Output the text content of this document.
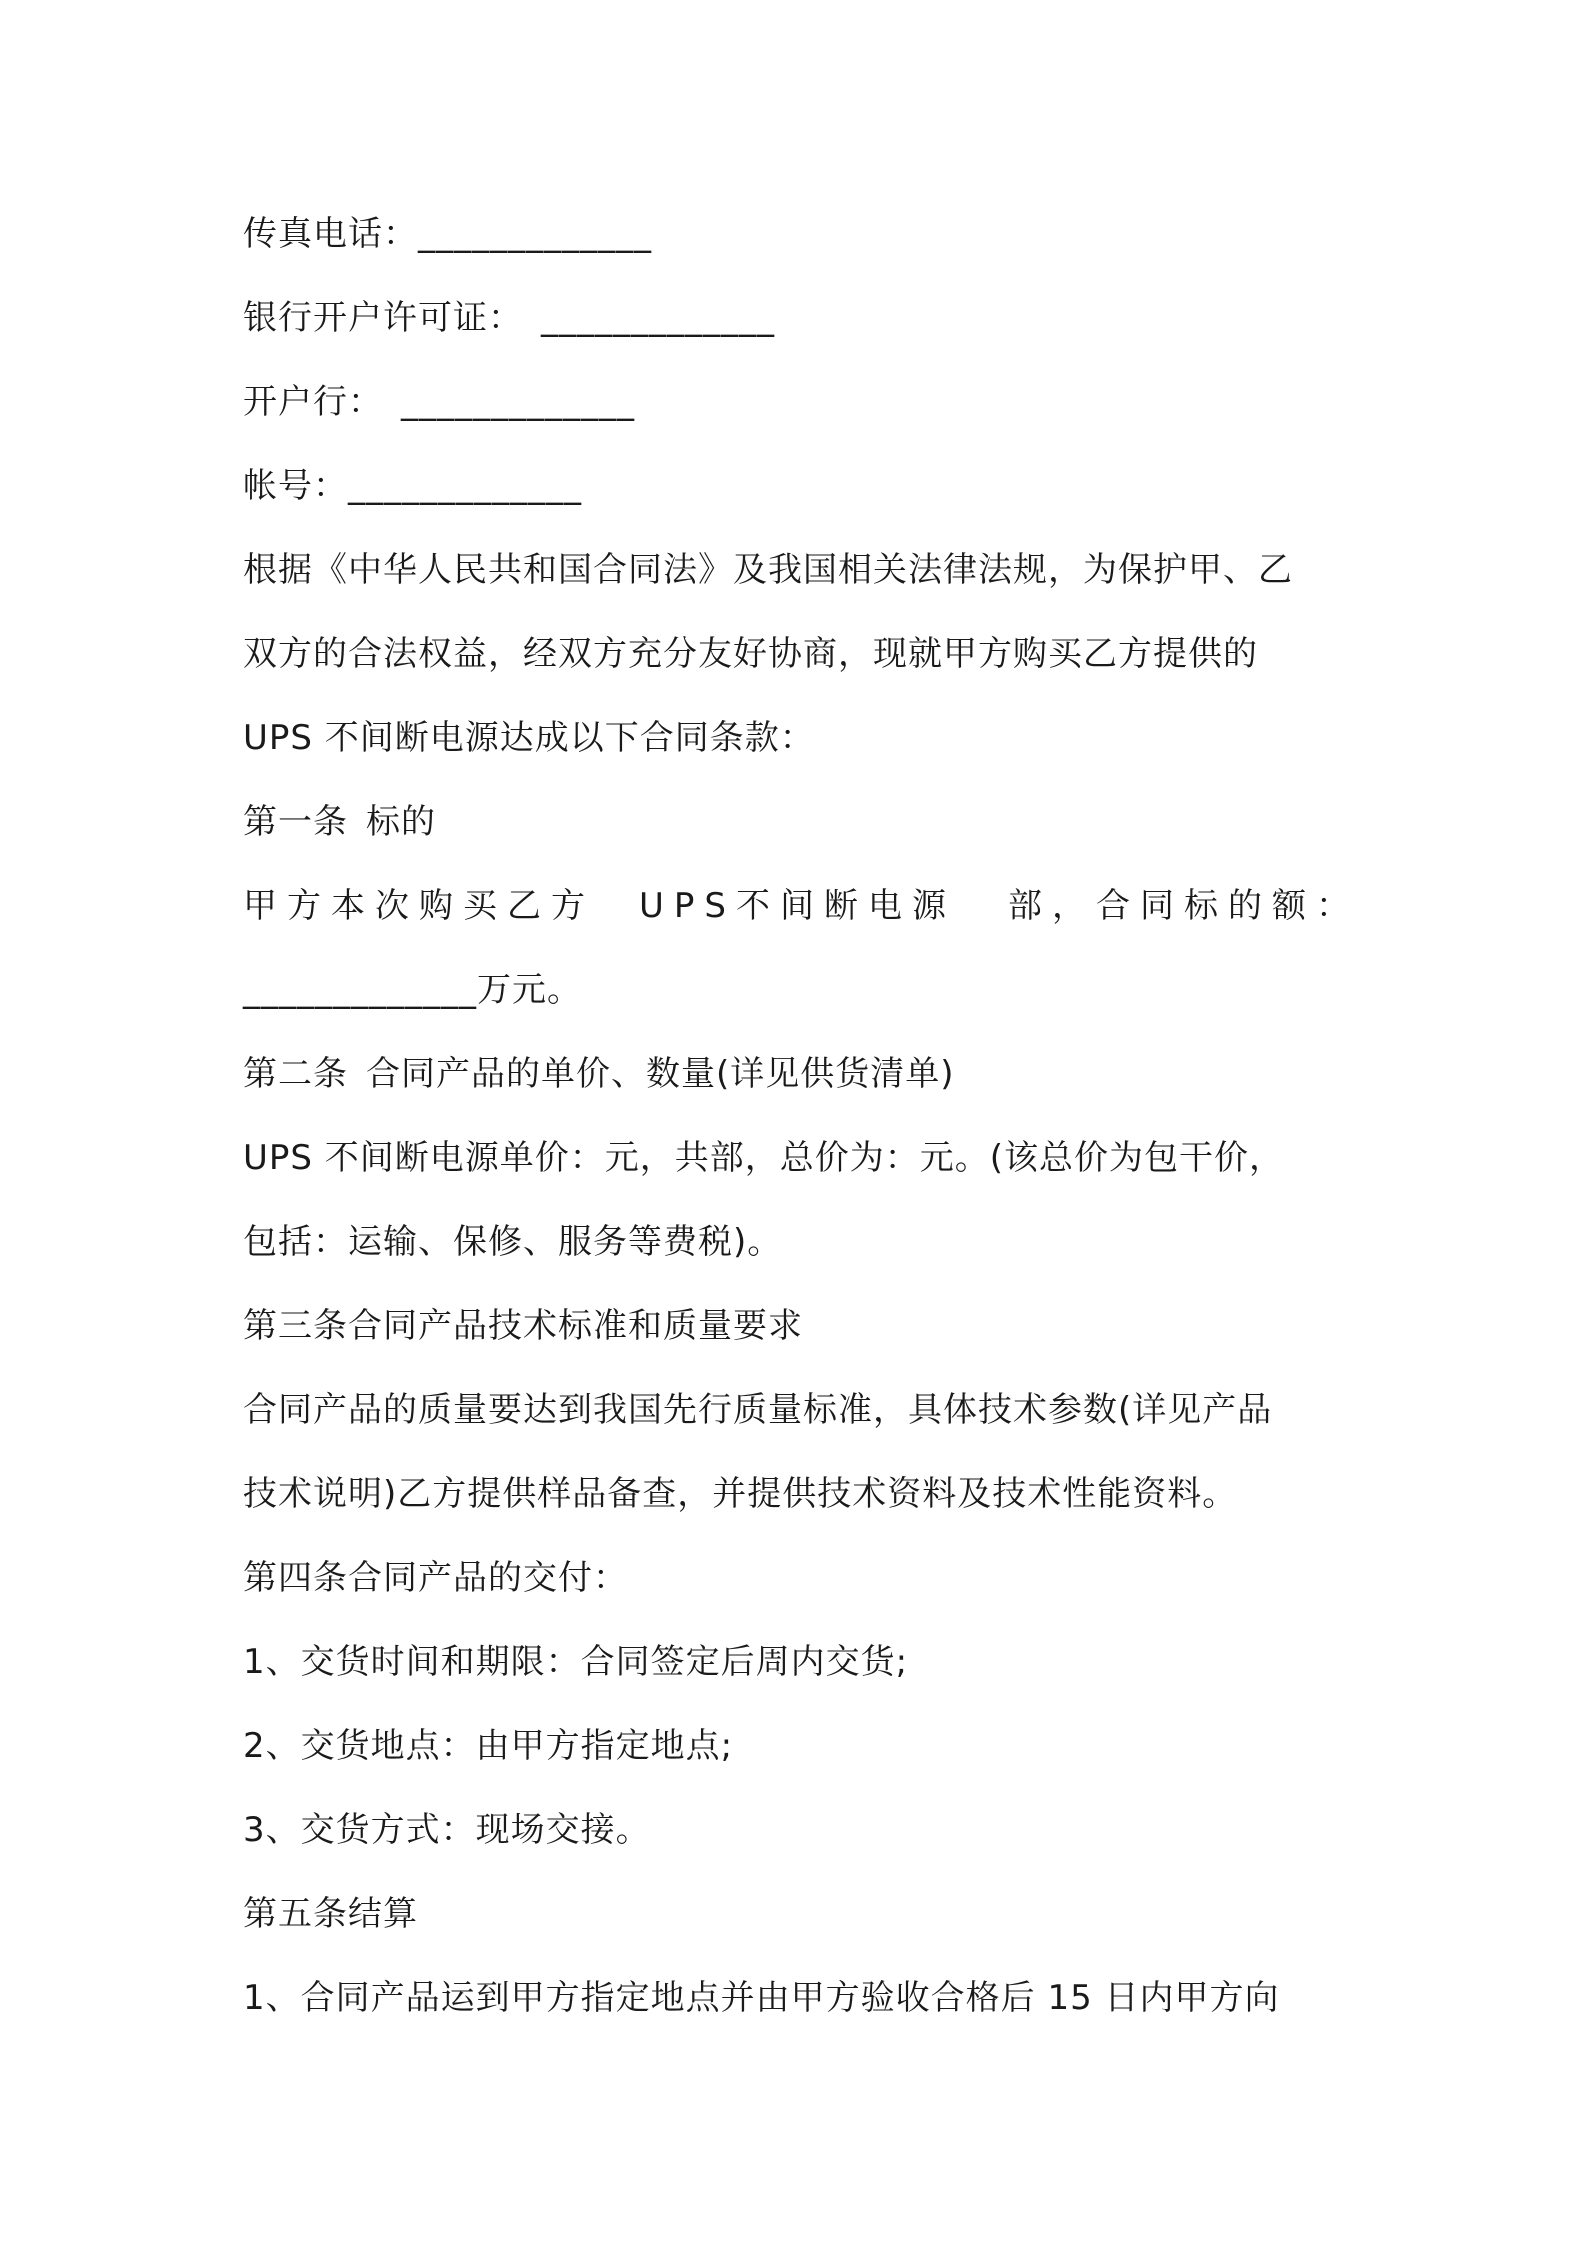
传真电话：_____________
银行开户许可证： _____________
开户行： _____________
帐号：_____________
根据《中华人民共和国合同法》及我国相关法律法规，为保护甲、乙
双方的合法权益，经双方充分友好协商，现就甲方购买乙方提供的
UPS 不间断电源达成以下合同条款：
第一条 标的
甲方本次购买乙方 UPS不间断电源 部，合同标的额：
_____________万元。
第二条 合同产品的单价、数量(详见供货清单)
UPS 不间断电源单价：元，共部，总价为：元。(该总价为包干价，
包括：运输、保修、服务等费税)。
第三条合同产品技术标准和质量要求
合同产品的质量要达到我国先行质量标准，具体技术参数(详见产品
技术说明)乙方提供样品备查，并提供技术资料及技术性能资料。
第四条合同产品的交付：
1、交货时间和期限：合同签定后周内交货;
2、交货地点：由甲方指定地点;
3、交货方式：现场交接。
第五条结算
1、合同产品运到甲方指定地点并由甲方验收合格后 15 日内甲方向
